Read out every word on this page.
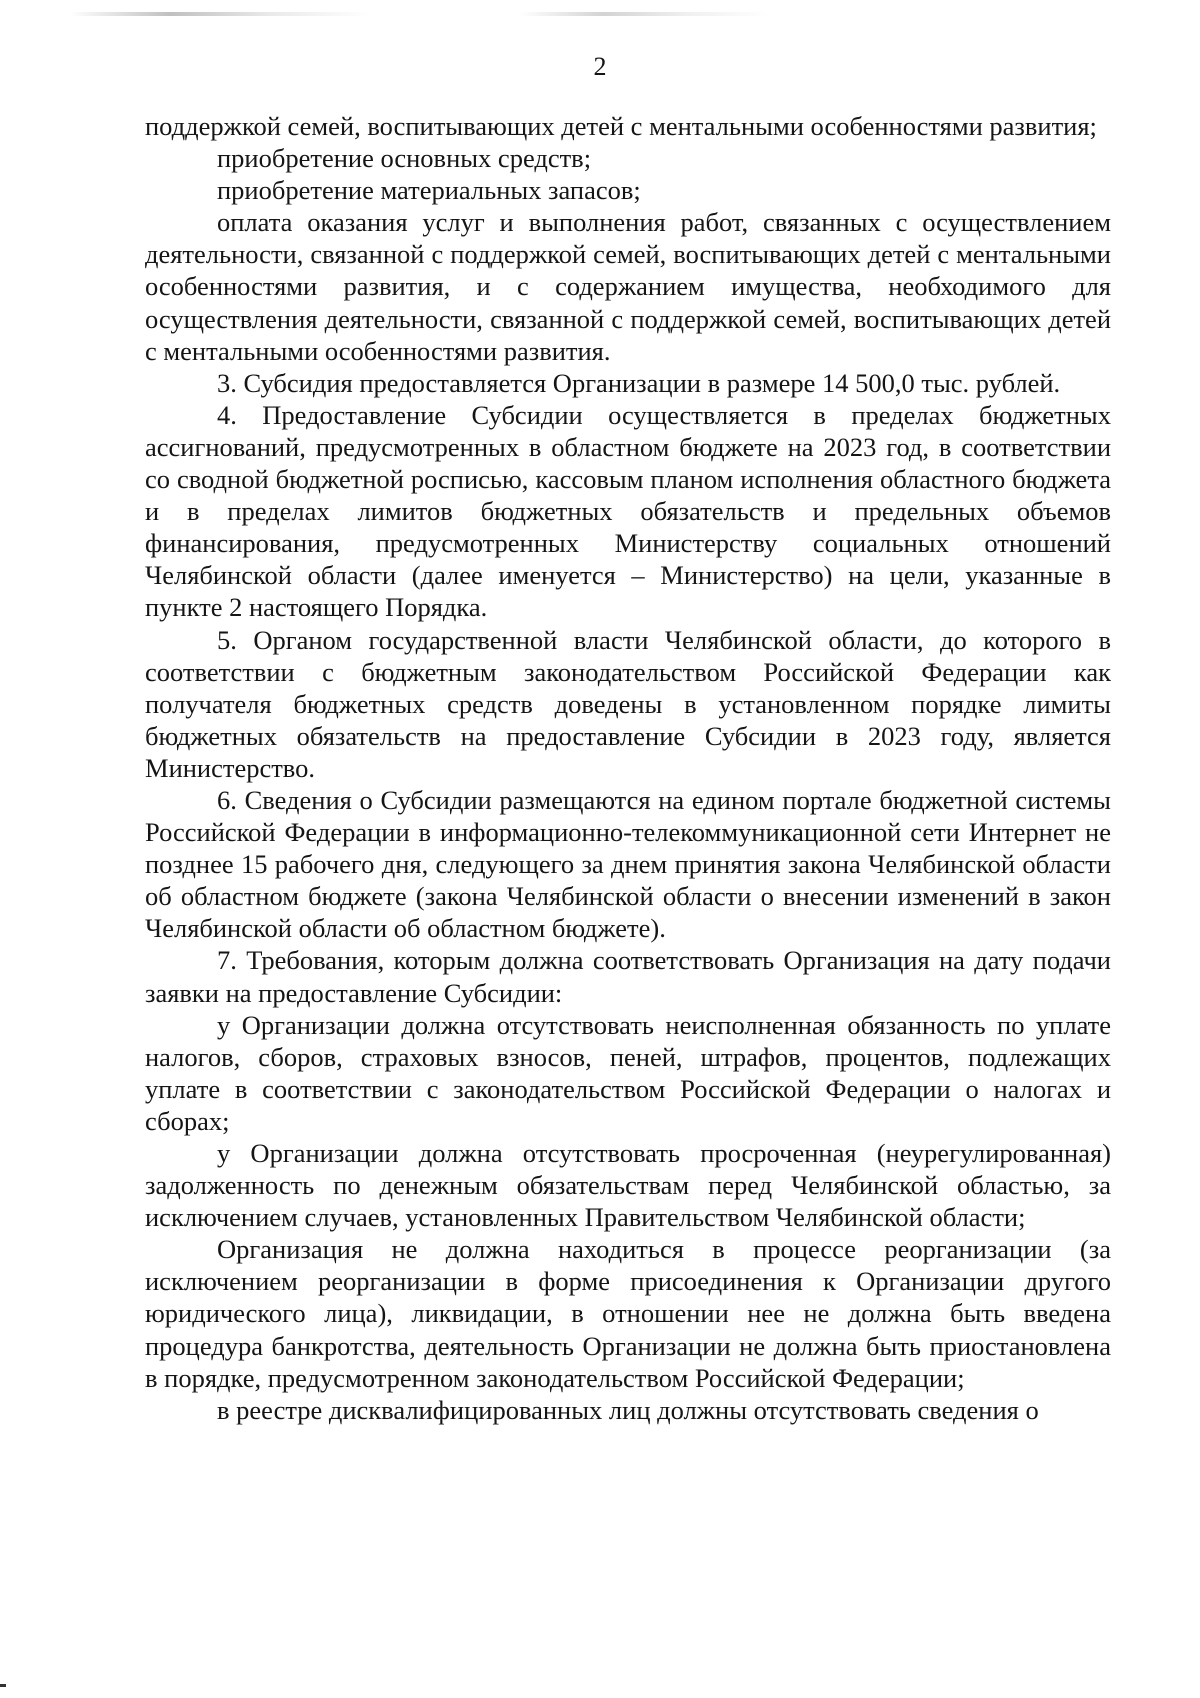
2

поддержкой семей, воспитывающих детей с ментальными особенностями развития;

приобретение основных средств;

приобретение материальных запасов;

оплата оказания услуг и выполнения работ, связанных с осуществлением деятельности, связанной с поддержкой семей, воспитывающих детей с ментальными особенностями развития, и с содержанием имущества, необходимого для осуществления деятельности, связанной с поддержкой семей, воспитывающих детей с ментальными особенностями развития.

3. Субсидия предоставляется Организации в размере 14 500,0 тыс. рублей.

4. Предоставление Субсидии осуществляется в пределах бюджетных ассигнований, предусмотренных в областном бюджете на 2023 год, в соответствии со сводной бюджетной росписью, кассовым планом исполнения областного бюджета и в пределах лимитов бюджетных обязательств и предельных объемов финансирования, предусмотренных Министерству социальных отношений Челябинской области (далее именуется – Министерство) на цели, указанные в пункте 2 настоящего Порядка.

5. Органом государственной власти Челябинской области, до которого в соответствии с бюджетным законодательством Российской Федерации как получателя бюджетных средств доведены в установленном порядке лимиты бюджетных обязательств на предоставление Субсидии в 2023 году, является Министерство.

6. Сведения о Субсидии размещаются на едином портале бюджетной системы Российской Федерации в информационно-телекоммуникационной сети Интернет не позднее 15 рабочего дня, следующего за днем принятия закона Челябинской области об областном бюджете (закона Челябинской области о внесении изменений в закон Челябинской области об областном бюджете).

7. Требования, которым должна соответствовать Организация на дату подачи заявки на предоставление Субсидии:

у Организации должна отсутствовать неисполненная обязанность по уплате налогов, сборов, страховых взносов, пеней, штрафов, процентов, подлежащих уплате в соответствии с законодательством Российской Федерации о налогах и сборах;

у Организации должна отсутствовать просроченная (неурегулированная) задолженность по денежным обязательствам перед Челябинской областью, за исключением случаев, установленных Правительством Челябинской области;

Организация не должна находиться в процессе реорганизации (за исключением реорганизации в форме присоединения к Организации другого юридического лица), ликвидации, в отношении нее не должна быть введена процедура банкротства, деятельность Организации не должна быть приостановлена в порядке, предусмотренном законодательством Российской Федерации;

в реестре дисквалифицированных лиц должны отсутствовать сведения о
